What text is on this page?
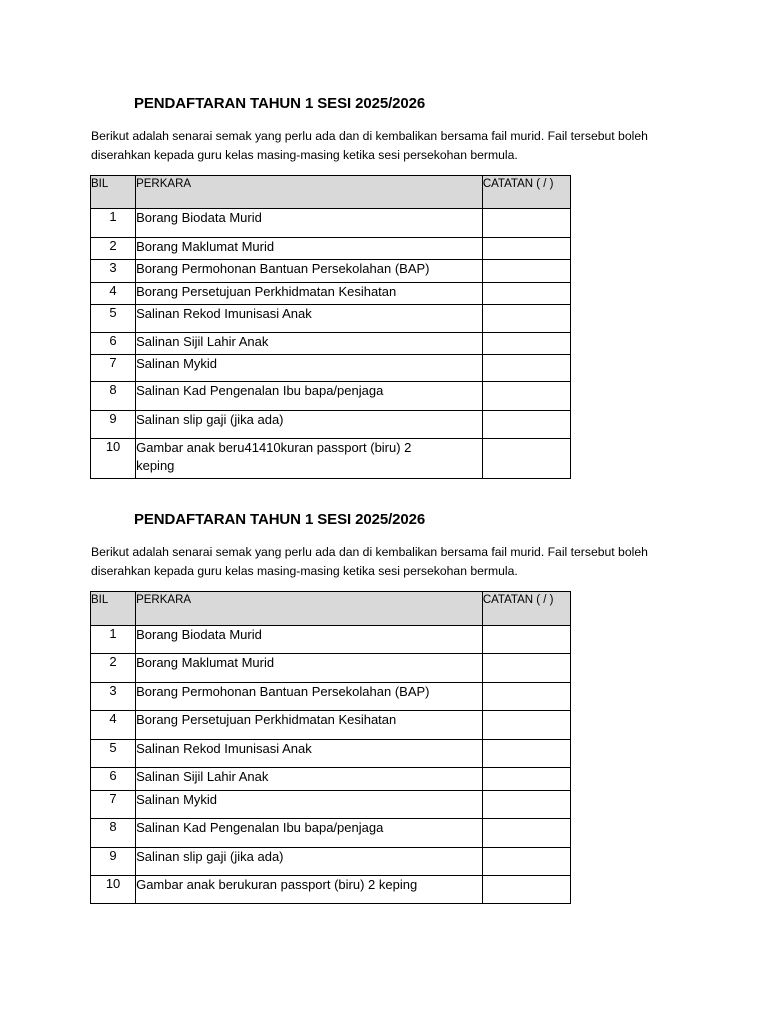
PENDAFTARAN TAHUN 1 SESI 2025/2026

Berikut adalah senarai semak yang perlu ada dan di kembalikan bersama fail murid. Fail tersebut boleh diserahkan kepada guru kelas masing-masing ketika sesi persekohan bermula.

BIL	PERKARA	CATATAN ( / )
1	Borang Biodata Murid	
2	Borang Maklumat Murid	
3	Borang Permohonan Bantuan Persekolahan (BAP)	
4	Borang Persetujuan Perkhidmatan Kesihatan	
5	Salinan Rekod Imunisasi Anak	
6	Salinan Sijil Lahir Anak	
7	Salinan Mykid	
8	Salinan Kad Pengenalan Ibu bapa/penjaga	
9	Salinan slip gaji (jika ada)	
10	Gambar anak beru41410kuran passport (biru) 2 keping	
PENDAFTARAN TAHUN 1 SESI 2025/2026

Berikut adalah senarai semak yang perlu ada dan di kembalikan bersama fail murid. Fail tersebut boleh diserahkan kepada guru kelas masing-masing ketika sesi persekohan bermula.

BIL	PERKARA	CATATAN ( / )
1	Borang Biodata Murid	
2	Borang Maklumat Murid	
3	Borang Permohonan Bantuan Persekolahan (BAP)	
4	Borang Persetujuan Perkhidmatan Kesihatan	
5	Salinan Rekod Imunisasi Anak	
6	Salinan Sijil Lahir Anak	
7	Salinan Mykid	
8	Salinan Kad Pengenalan Ibu bapa/penjaga	
9	Salinan slip gaji (jika ada)	
10	Gambar anak berukuran passport (biru) 2 keping	
